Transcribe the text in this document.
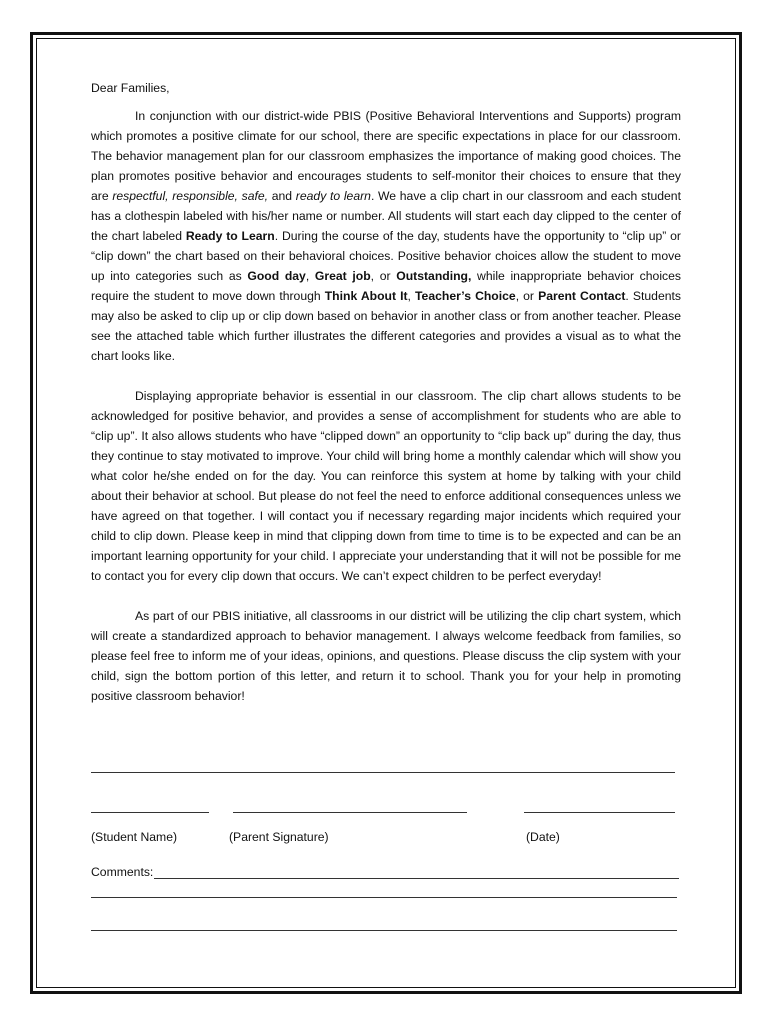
Dear Families,

In conjunction with our district-wide PBIS (Positive Behavioral Interventions and Supports) program which promotes a positive climate for our school, there are specific expectations in place for our classroom. The behavior management plan for our classroom emphasizes the importance of making good choices. The plan promotes positive behavior and encourages students to self-monitor their choices to ensure that they are respectful, responsible, safe, and ready to learn. We have a clip chart in our classroom and each student has a clothespin labeled with his/her name or number. All students will start each day clipped to the center of the chart labeled Ready to Learn. During the course of the day, students have the opportunity to “clip up” or “clip down” the chart based on their behavioral choices. Positive behavior choices allow the student to move up into categories such as Good day, Great job, or Outstanding, while inappropriate behavior choices require the student to move down through Think About It, Teacher’s Choice, or Parent Contact. Students may also be asked to clip up or clip down based on behavior in another class or from another teacher. Please see the attached table which further illustrates the different categories and provides a visual as to what the chart looks like.

Displaying appropriate behavior is essential in our classroom. The clip chart allows students to be acknowledged for positive behavior, and provides a sense of accomplishment for students who are able to “clip up”. It also allows students who have “clipped down” an opportunity to “clip back up” during the day, thus they continue to stay motivated to improve. Your child will bring home a monthly calendar which will show you what color he/she ended on for the day. You can reinforce this system at home by talking with your child about their behavior at school. But please do not feel the need to enforce additional consequences unless we have agreed on that together. I will contact you if necessary regarding major incidents which required your child to clip down. Please keep in mind that clipping down from time to time is to be expected and can be an important learning opportunity for your child. I appreciate your understanding that it will not be possible for me to contact you for every clip down that occurs. We can’t expect children to be perfect everyday!

As part of our PBIS initiative, all classrooms in our district will be utilizing the clip chart system, which will create a standardized approach to behavior management. I always welcome feedback from families, so please feel free to inform me of your ideas, opinions, and questions. Please discuss the clip system with your child, sign the bottom portion of this letter, and return it to school. Thank you for your help in promoting positive classroom behavior!

(Student Name)	(Parent Signature)	(Date)
Comments:
